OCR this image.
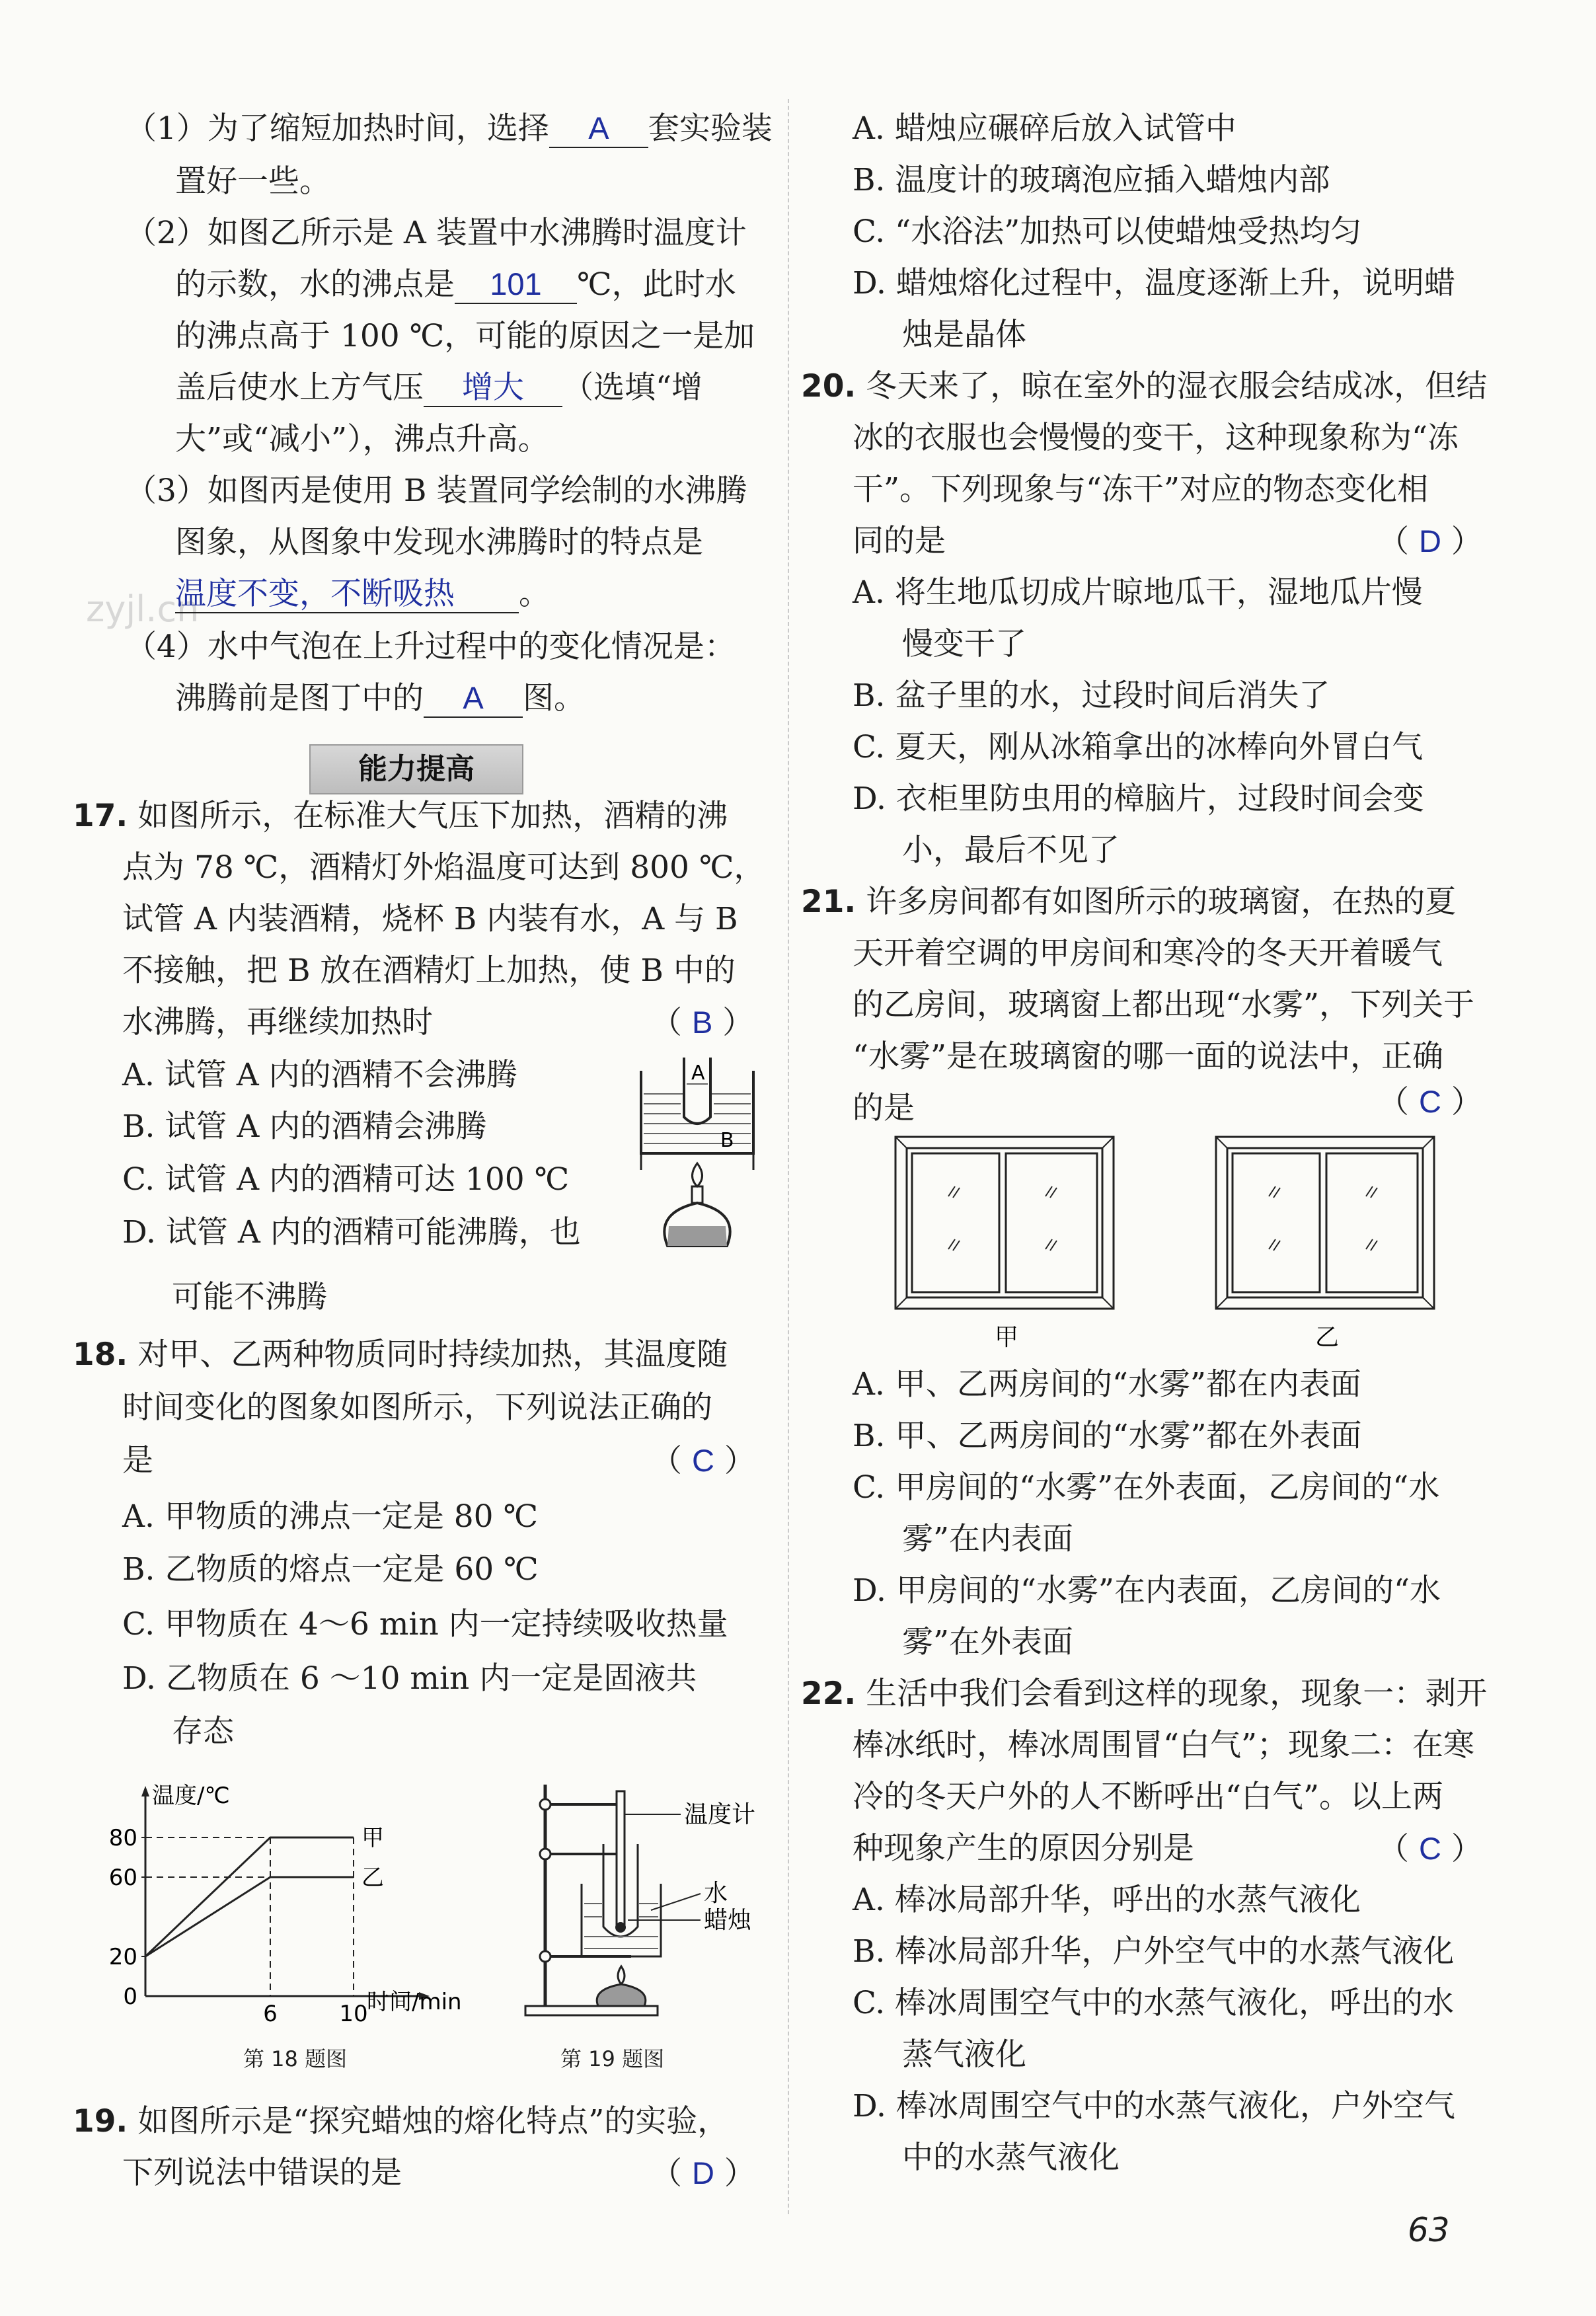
zyjl.cn
（1）为了缩短加热时间，选择 A 套实验装
置好一些。
（2）如图乙所示是 A 装置中水沸腾时温度计
的示数，水的沸点是 101 ℃，此时水
的沸点高于 100 ℃，可能的原因之一是加
盖后使水上方气压 增大 （选填“增
大”或“减小”），沸点升高。
（3）如图丙是使用 B 装置同学绘制的水沸腾
图象，从图象中发现水沸腾时的特点是
温度不变，不断吸热 。
（4）水中气泡在上升过程中的变化情况是：
沸腾前是图丁中的 A 图。
能力提高
17. 如图所示，在标准大气压下加热，酒精的沸
点为 78 ℃，酒精灯外焰温度可达到 800 ℃，
试管 A 内装酒精，烧杯 B 内装有水，A 与 B
不接触，把 B 放在酒精灯上加热，使 B 中的
水沸腾，再继续加热时	（ B ）
A. 试管 A 内的酒精不会沸腾
B. 试管 A 内的酒精会沸腾
C. 试管 A 内的酒精可达 100 ℃
D. 试管 A 内的酒精可能沸腾，也
可能不沸腾
A
B
18. 对甲、乙两种物质同时持续加热，其温度随
时间变化的图象如图所示，下列说法正确的
是	（ C ）
A. 甲物质的沸点一定是 80 ℃
B. 乙物质的熔点一定是 60 ℃
C. 甲物质在 4～6 min 内一定持续吸收热量
D. 乙物质在 6 ～10 min 内一定是固液共
存态
温度/℃
时间/min
80
60
20
0
6	10
甲
乙
第 18 题图
温度计
水
蜡烛
第 19 题图
19. 如图所示是“探究蜡烛的熔化特点”的实验，
下列说法中错误的是	（ D ）
A. 蜡烛应碾碎后放入试管中
B. 温度计的玻璃泡应插入蜡烛内部
C. “水浴法”加热可以使蜡烛受热均匀
D. 蜡烛熔化过程中，温度逐渐上升，说明蜡
烛是晶体
20. 冬天来了，晾在室外的湿衣服会结成冰，但结
冰的衣服也会慢慢的变干，这种现象称为“冻
干”。下列现象与“冻干”对应的物态变化相
同的是	（ D ）
A. 将生地瓜切成片晾地瓜干，湿地瓜片慢
慢变干了
B. 盆子里的水，过段时间后消失了
C. 夏天，刚从冰箱拿出的冰棒向外冒白气
D. 衣柜里防虫用的樟脑片，过段时间会变
小，最后不见了
21. 许多房间都有如图所示的玻璃窗，在热的夏
天开着空调的甲房间和寒冷的冬天开着暖气
的乙房间，玻璃窗上都出现“水雾”，下列关于
“水雾”是在玻璃窗的哪一面的说法中，正确
的是	（ C ）
甲	乙
A. 甲、乙两房间的“水雾”都在内表面
B. 甲、乙两房间的“水雾”都在外表面
C. 甲房间的“水雾”在外表面，乙房间的“水
雾”在内表面
D. 甲房间的“水雾”在内表面，乙房间的“水
雾”在外表面
22. 生活中我们会看到这样的现象，现象一：剥开
棒冰纸时，棒冰周围冒“白气”；现象二：在寒
冷的冬天户外的人不断呼出“白气”。以上两
种现象产生的原因分别是	（ C ）
A. 棒冰局部升华，呼出的水蒸气液化
B. 棒冰局部升华，户外空气中的水蒸气液化
C. 棒冰周围空气中的水蒸气液化，呼出的水
蒸气液化
D. 棒冰周围空气中的水蒸气液化，户外空气
中的水蒸气液化
63
